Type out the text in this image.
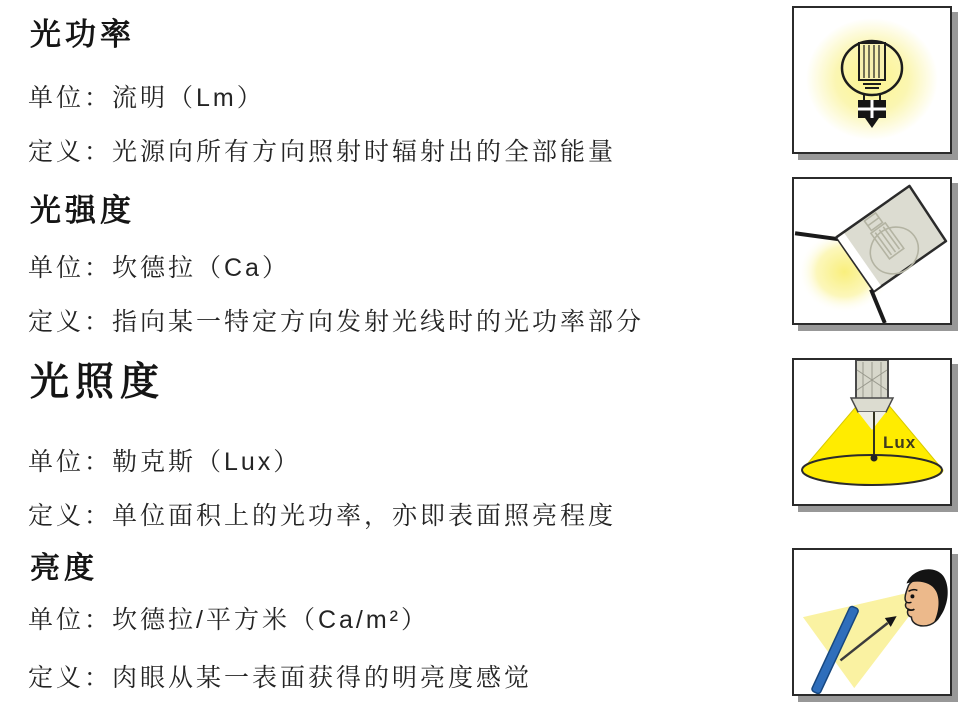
光功率

单位：流明（Lm）

定义：光源向所有方向照射时辐射出的全部能量

光强度

单位：坎德拉（Ca）

定义：指向某一特定方向发射光线时的光功率部分

光照度

单位：勒克斯（Lux）

定义：单位面积上的光功率，亦即表面照亮程度

亮度

单位：坎德拉/平方米（Ca/m²）

定义：肉眼从某一表面获得的明亮度感觉

Lux
